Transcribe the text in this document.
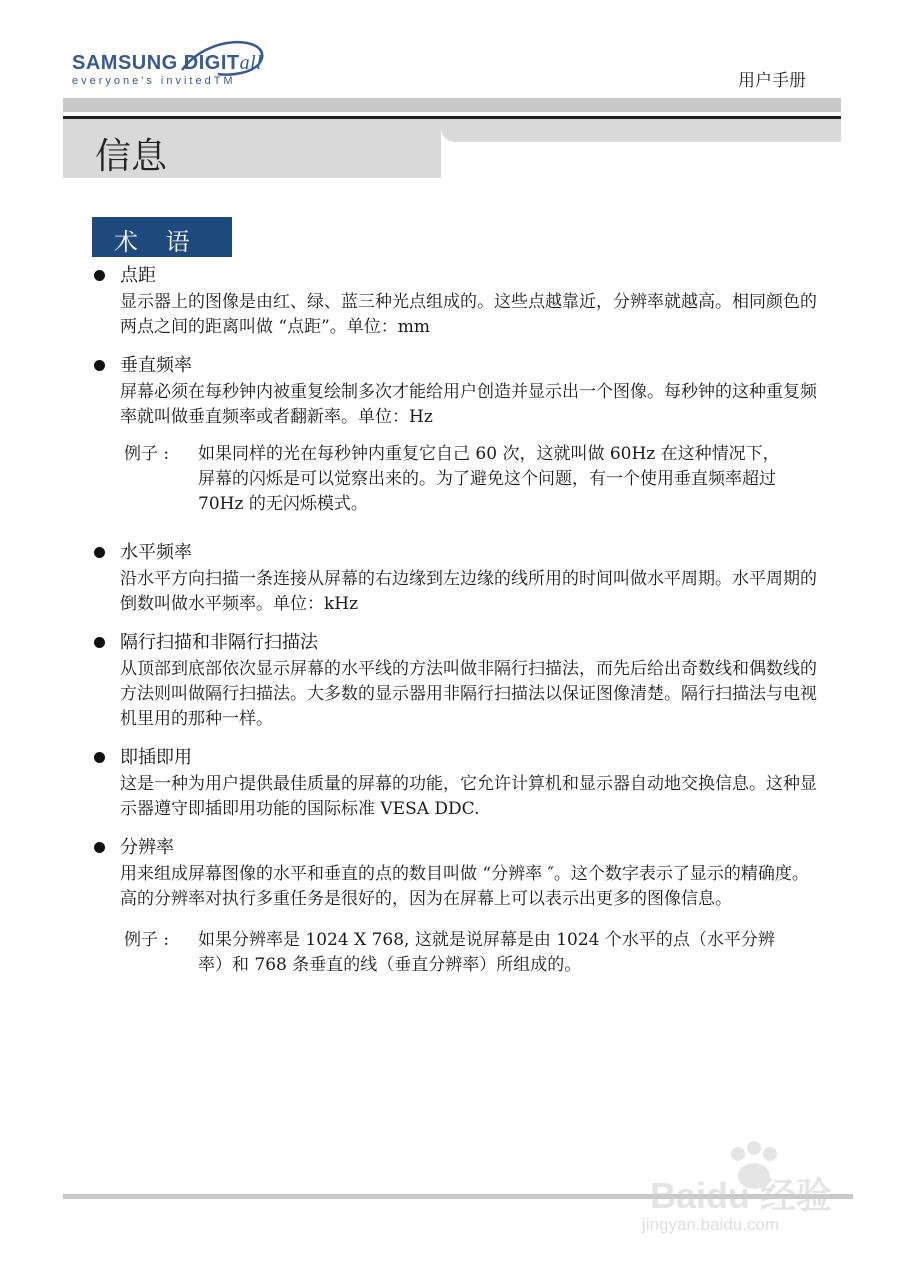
SAMSUNG DIGITall
everyone's invitedTM	用户手册
信息
术 语
点距
显示器上的图像是由红、绿、蓝三种光点组成的。这些点越靠近，分辨率就越高。相同颜色的两点之间的距离叫做 “点距”。单位：mm
垂直频率
屏幕必须在每秒钟内被重复绘制多次才能给用户创造并显示出一个图像。每秒钟的这种重复频率就叫做垂直频率或者翻新率。单位：Hz
例子 :	如果同样的光在每秒钟内重复它自己 60 次，这就叫做 60Hz 在这种情况下，屏幕的闪烁是可以觉察出来的。为了避免这个问题，有一个使用垂直频率超过 70Hz 的无闪烁模式。
水平频率
沿水平方向扫描一条连接从屏幕的右边缘到左边缘的线所用的时间叫做水平周期。水平周期的倒数叫做水平频率。单位：kHz
隔行扫描和非隔行扫描法
从顶部到底部依次显示屏幕的水平线的方法叫做非隔行扫描法，而先后给出奇数线和偶数线的方法则叫做隔行扫描法。大多数的显示器用非隔行扫描法以保证图像清楚。隔行扫描法与电视机里用的那种一样。
即插即用
这是一种为用户提供最佳质量的屏幕的功能，它允许计算机和显示器自动地交换信息。这种显示器遵守即插即用功能的国际标准 VESA DDC.
分辨率
用来组成屏幕图像的水平和垂直的点的数目叫做 “分辨率 ″。这个数字表示了显示的精确度。高的分辨率对执行多重任务是很好的，因为在屏幕上可以表示出更多的图像信息。
例子 :	如果分辨率是 1024 X 768, 这就是说屏幕是由 1024 个水平的点（水平分辨率）和 768 条垂直的线（垂直分辨率）所组成的。
Baidu 经验
jingyan.baidu.com
